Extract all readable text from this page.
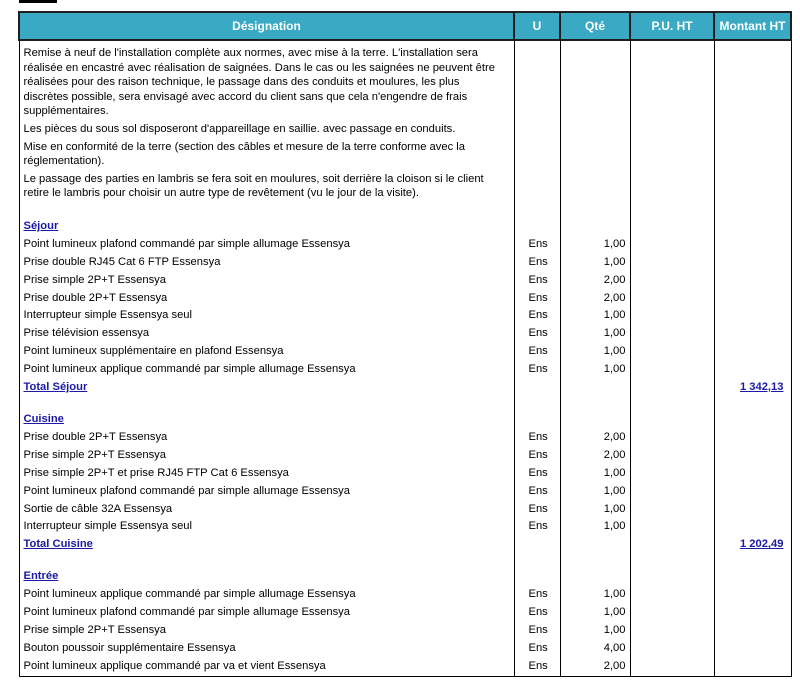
Désignation	U	Qté	P.U. HT	Montant HT

Remise à neuf de l'installation complète aux normes, avec mise à la terre. L'installation sera réalisée en encastré avec réalisation de saignées. Dans le cas ou les saignées ne peuvent être réalisées pour des raison technique, le passage dans des conduits et moulures, les plus discrètes possible, sera envisagé avec accord du client sans que cela n'engendre de frais supplémentaires.

Les pièces du sous sol disposeront d'appareillage en saillie. avec passage en conduits.

Mise en conformité de la terre (section des câbles et mesure de la terre conforme avec la réglementation).

Le passage des parties en lambris se fera soit en moulures, soit derrière la cloison si le client retire le lambris pour choisir un autre type de revêtement (vu le jour de la visite).				

Séjour				
Point lumineux plafond commandé par simple allumage Essensya	Ens	1,00		
Prise double RJ45 Cat 6 FTP Essensya	Ens	1,00		
Prise simple 2P+T Essensya	Ens	2,00		
Prise double 2P+T Essensya	Ens	2,00		
Interrupteur simple Essensya seul	Ens	1,00		
Prise télévision essensya	Ens	1,00		
Point lumineux supplémentaire en plafond Essensya	Ens	1,00		
Point lumineux applique commandé par simple allumage Essensya	Ens	1,00		
Total Séjour				1 342,13
Cuisine				
Prise double 2P+T Essensya	Ens	2,00		
Prise simple 2P+T Essensya	Ens	2,00		
Prise simple 2P+T et prise RJ45 FTP Cat 6 Essensya	Ens	1,00		
Point lumineux plafond commandé par simple allumage Essensya	Ens	1,00		
Sortie de câble 32A Essensya	Ens	1,00		
Interrupteur simple Essensya seul	Ens	1,00		
Total Cuisine				1 202,49
Entrée				
Point lumineux applique commandé par simple allumage Essensya	Ens	1,00		
Point lumineux plafond commandé par simple allumage Essensya	Ens	1,00		
Prise simple 2P+T Essensya	Ens	1,00		
Bouton poussoir supplémentaire Essensya	Ens	4,00		
Point lumineux applique commandé par va et vient Essensya	Ens	2,00		
